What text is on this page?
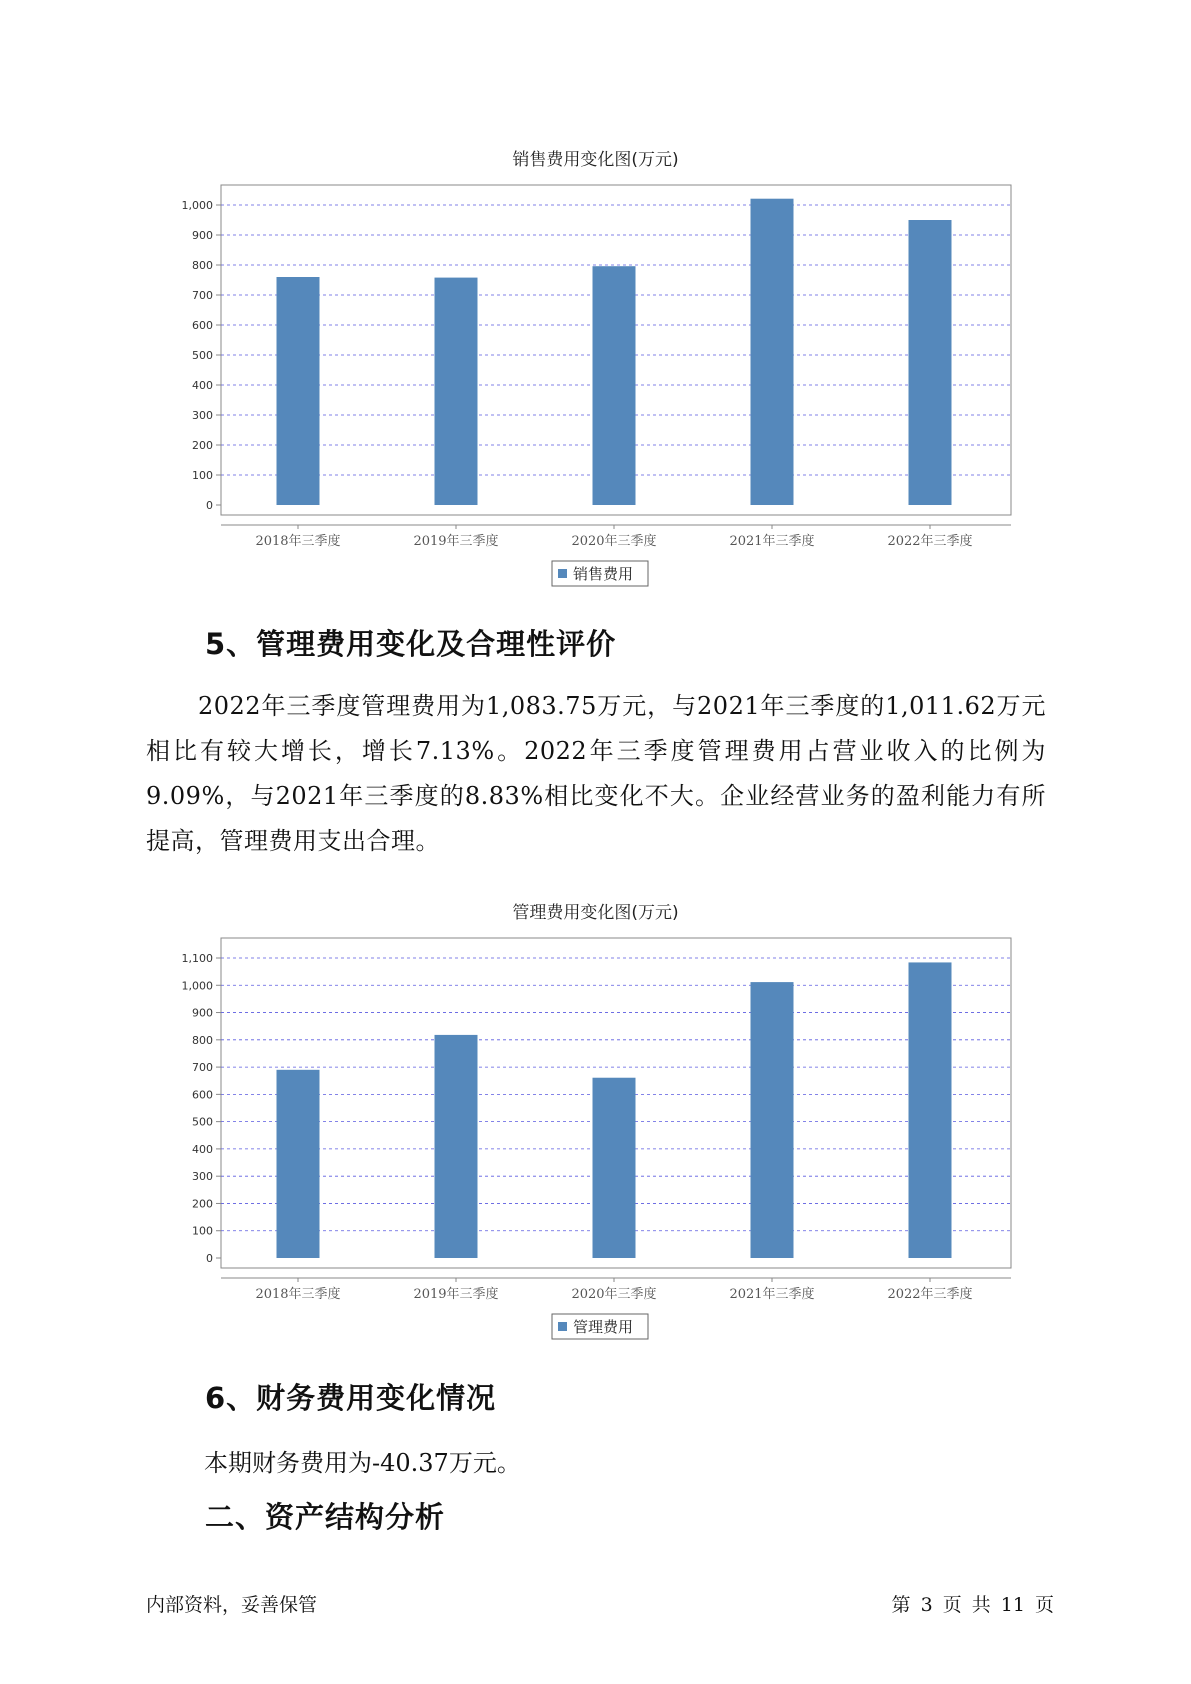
销售费用变化图(万元)
0
100
200
300
400
500
600
700
800
900
1,000
2018年三季度	2019年三季度	2020年三季度	2021年三季度	2022年三季度
销售费用
5、管理费用变化及合理性评价

2022年三季度管理费用为1,083.75万元，与2021年三季度的1,011.62万元相比有较大增长，增长7.13%。2022年三季度管理费用占营业收入的比例为9.09%，与2021年三季度的8.83%相比变化不大。企业经营业务的盈利能力有所提高，管理费用支出合理。

管理费用变化图(万元)
0
100
200
300
400
500
600
700
800
900
1,000
1,100
2018年三季度	2019年三季度	2020年三季度	2021年三季度	2022年三季度
管理费用
6、财务费用变化情况
本期财务费用为-40.37万元。
二、资产结构分析
内部资料，妥善保管	第 3 页 共 11 页
